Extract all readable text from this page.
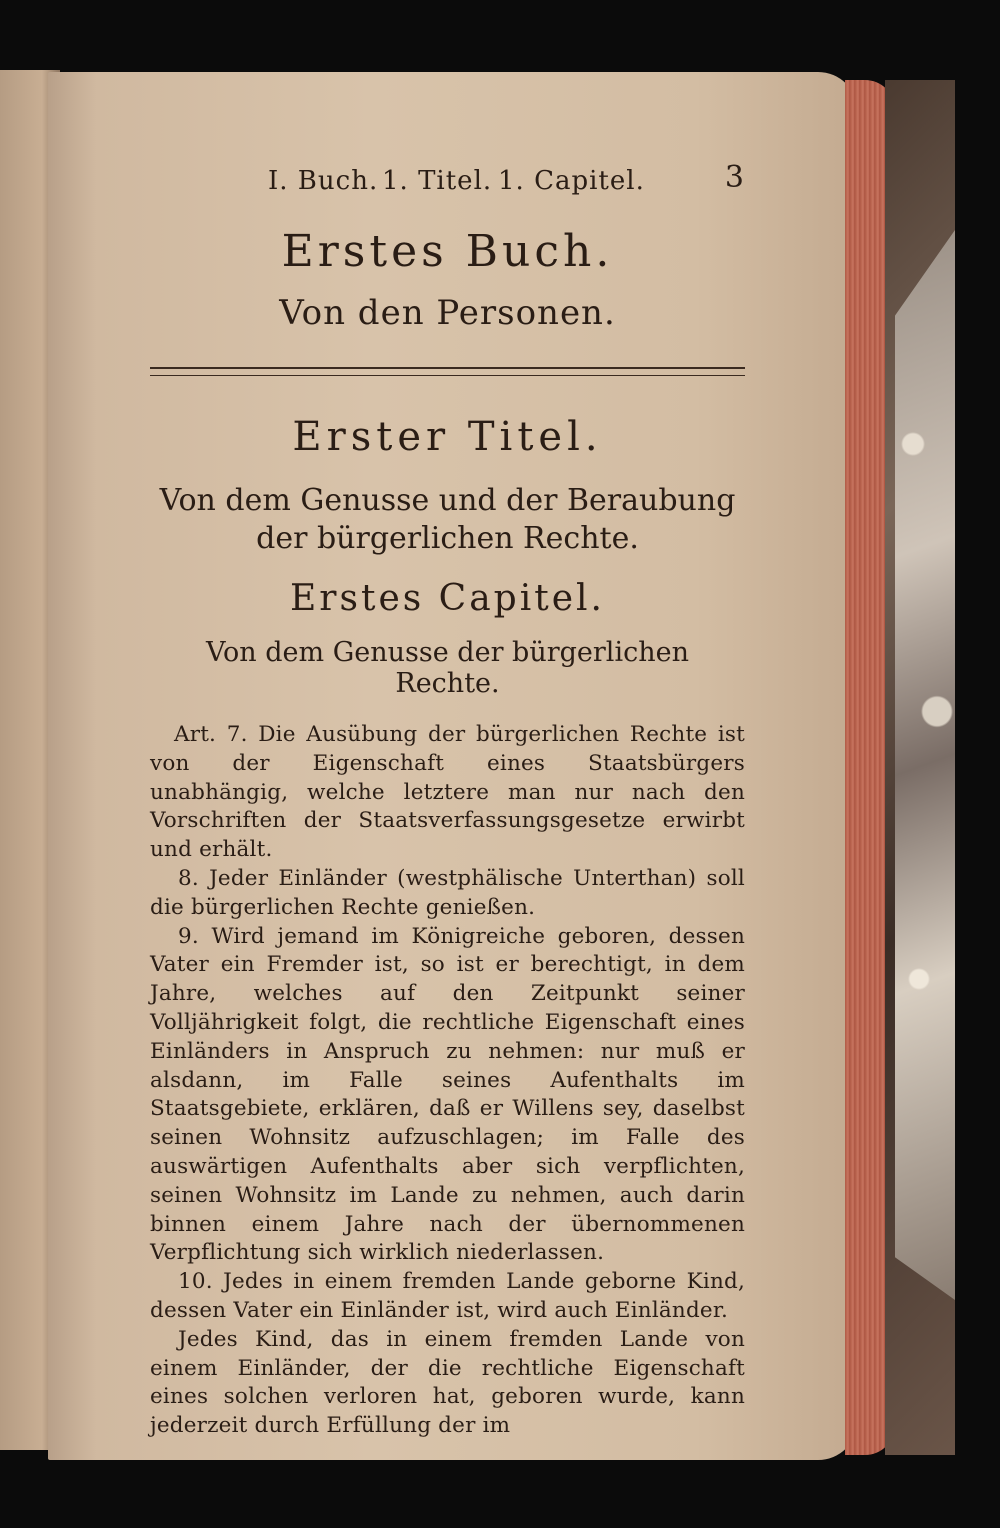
I. Buch. 1. Titel. 1. Capitel.	3
Erstes Buch.
Von den Personen.
Erster Titel.
Von dem Genusse und der Beraubung der bürgerlichen Rechte.
Erstes Capitel.
Von dem Genusse der bürgerlichen Rechte.

Art. 7. Die Ausübung der bürgerlichen Rechte ist von der Eigenschaft eines Staatsbürgers unabhängig, welche letztere man nur nach den Vorschriften der Staatsverfassungsgesetze erwirbt und erhält.

8. Jeder Einländer (westphälische Unterthan) soll die bürgerlichen Rechte genießen.

9. Wird jemand im Königreiche geboren, dessen Vater ein Fremder ist, so ist er berechtigt, in dem Jahre, welches auf den Zeitpunkt seiner Volljährigkeit folgt, die rechtliche Eigenschaft eines Einländers in Anspruch zu nehmen: nur muß er alsdann, im Falle seines Aufenthalts im Staatsgebiete, erklären, daß er Willens sey, daselbst seinen Wohnsitz aufzuschlagen; im Falle des auswärtigen Aufenthalts aber sich verpflichten, seinen Wohnsitz im Lande zu nehmen, auch darin binnen einem Jahre nach der übernommenen Verpflichtung sich wirklich niederlassen.

10. Jedes in einem fremden Lande geborne Kind, dessen Vater ein Einländer ist, wird auch Einländer.

Jedes Kind, das in einem fremden Lande von einem Einländer, der die rechtliche Eigenschaft eines solchen verloren hat, geboren wurde, kann jederzeit durch Erfüllung der im
